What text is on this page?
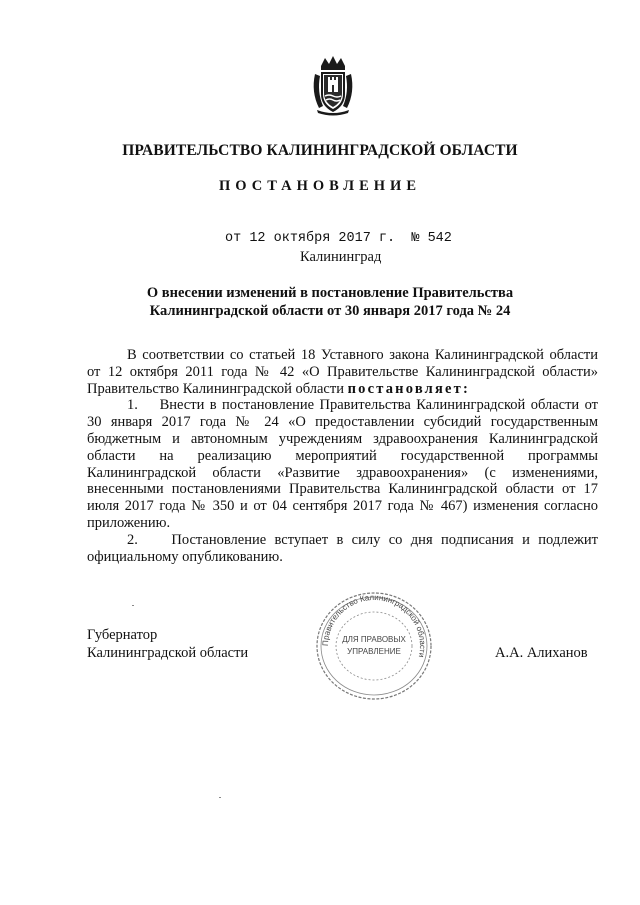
ПРАВИТЕЛЬСТВО КАЛИНИНГРАДСКОЙ ОБЛАСТИ
ПОСТАНОВЛЕНИЕ
от 12 октября 2017 г. № 542
Калининград
О внесении изменений в постановление Правительства
Калининградской области от 30 января 2017 года № 24

В соответствии со статьей 18 Уставного закона Калининградской области от 12 октября 2011 года № 42 «О Правительстве Калининградской области» Правительство Калининградской области постановляет:

1.    Внести в постановление Правительства Калининградской области от 30 января 2017 года № 24 «О предоставлении субсидий государственным бюджетным и автономным учреждениям здравоохранения Калининградской области на реализацию мероприятий государственной программы Калининградской области «Развитие здравоохранения» (с изменениями, внесенными постановлениями Правительства Калининградской области от 17 июля 2017 года № 350 и от 04 сентября 2017 года № 467) изменения согласно приложению.

2.    Постановление вступает в силу со дня подписания и подлежит официальному опубликованию.

Губернатор
Калининградской области	А.А. Алиханов
Правительство Калининградской области
ДЛЯ ПРАВОВЫХ
УПРАВЛЕНИЕ
